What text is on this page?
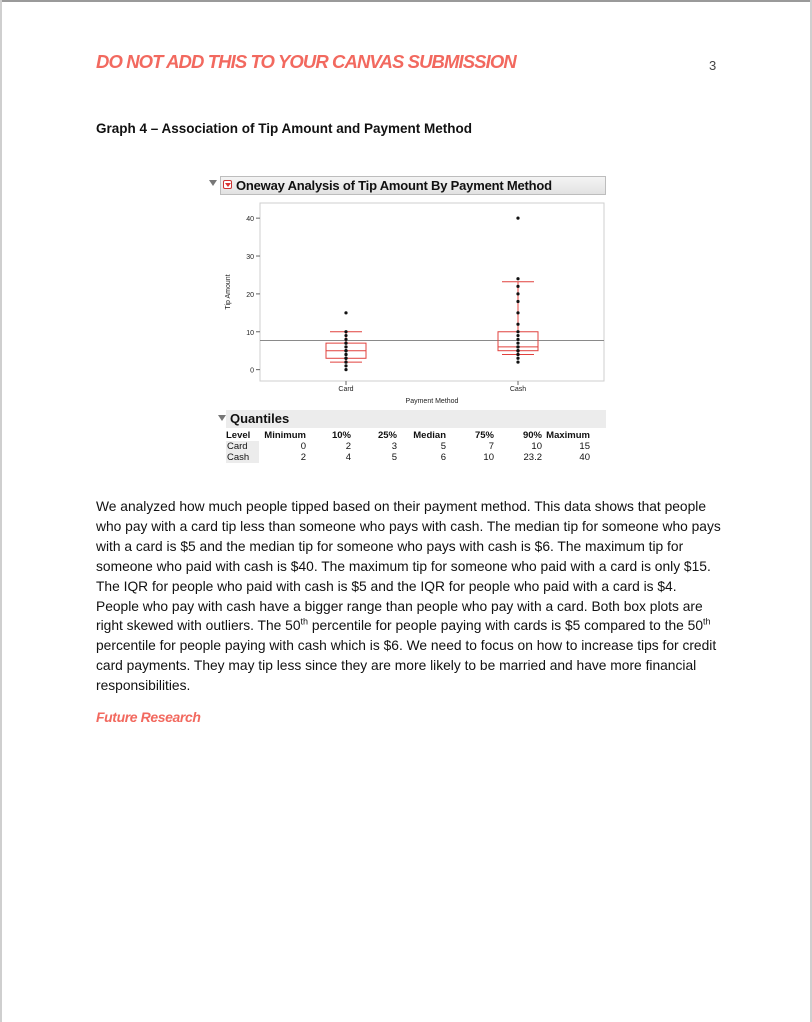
DO NOT ADD THIS TO YOUR CANVAS SUBMISSION	3
Graph 4 – Association of Tip Amount and Payment Method
Oneway Analysis of Tip Amount By Payment Method
0
10
20
30
40
Tip Amount
Card	Cash
Payment Method
Quantiles
Level	Minimum	10%	25%	Median	75%	90%	Maximum
Card	0	2	3	5	7	10	15
Cash	2	4	5	6	10	23.2	40
We analyzed how much people tipped based on their payment method. This data shows that people who pay with a card tip less than someone who pays with cash. The median tip for someone who pays with a card is $5 and the median tip for someone who pays with cash is $6. The maximum tip for someone who paid with cash is $40. The maximum tip for someone who paid with a card is only $15. The IQR for people who paid with cash is $5 and the IQR for people who paid with a card is $4. People who pay with cash have a bigger range than people who pay with a card. Both box plots are right skewed with outliers. The 50th percentile for people paying with cards is $5 compared to the 50th percentile for people paying with cash which is $6. We need to focus on how to increase tips for credit card payments. They may tip less since they are more likely to be married and have more financial responsibilities.
Future Research
